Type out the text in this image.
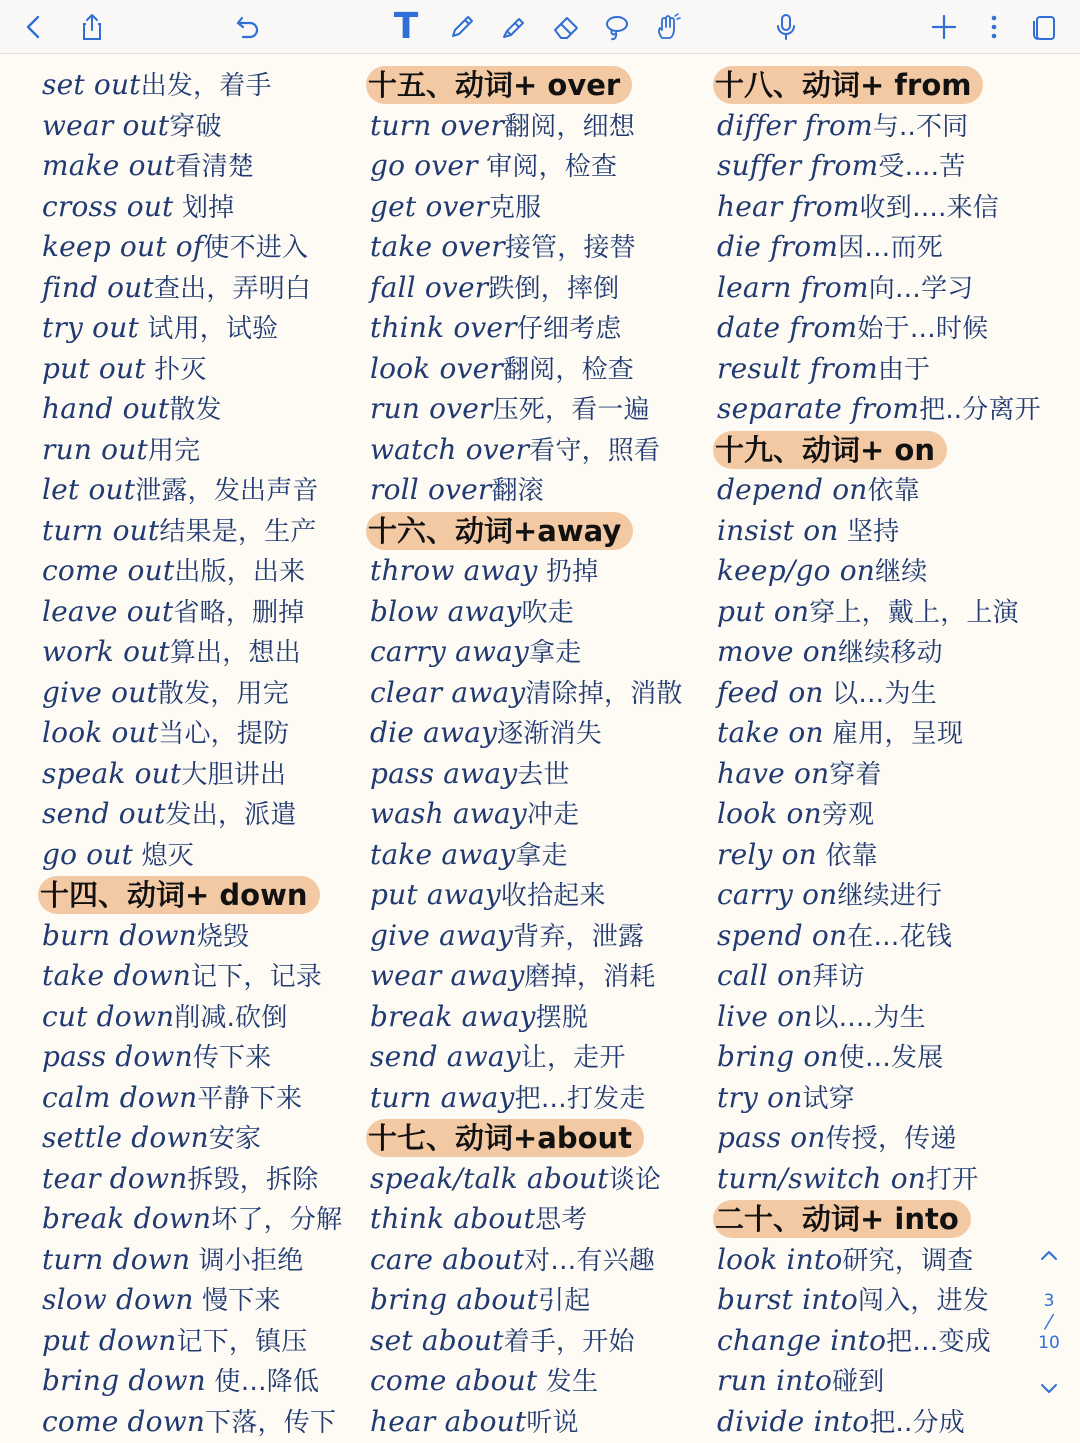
T
set out出发，着手
wear out穿破
make out看清楚
cross out 划掉
keep out of使不进入
find out查出，弄明白
try out 试用，试验
put out 扑灭
hand out散发
run out用完
let out泄露，发出声音
turn out结果是，生产
come out出版，出来
leave out省略，删掉
work out算出，想出
give out散发，用完
look out当心，提防
speak out大胆讲出
send out发出，派遣
go out 熄灭
十四、动词+ down
burn down烧毁
take down记下，记录
cut down削减.砍倒
pass down传下来
calm down平静下来
settle down安家
tear down拆毁，拆除
break down坏了，分解
turn down 调小拒绝
slow down 慢下来
put down记下，镇压
bring down 使…降低
come down下落，传下
十五、动词+ over
turn over翻阅，细想
go over 审阅，检查
get over克服
take over接管，接替
fall over跌倒，摔倒
think over仔细考虑
look over翻阅，检查
run over压死，看一遍
watch over看守，照看
roll over翻滚
十六、动词+away
throw away 扔掉
blow away吹走
carry away拿走
clear away清除掉，消散
die away逐渐消失
pass away去世
wash away冲走
take away拿走
put away收拾起来
give away背弃，泄露
wear away磨掉，消耗
break away摆脱
send away让，走开
turn away把…打发走
十七、动词+about
speak/talk about谈论
think about思考
care about对…有兴趣
bring about引起
set about着手，开始
come about 发生
hear about听说
十八、动词+ from
differ from与..不同
suffer from受….苦
hear from收到….来信
die from因…而死
learn from向…学习
date from始于…时候
result from由于
separate from把..分离开
十九、动词+ on
depend on依靠
insist on 坚持
keep/go on继续
put on穿上，戴上，上演
move on继续移动
feed on 以…为生
take on 雇用，呈现
have on穿着
look on旁观
rely on 依靠
carry on继续进行
spend on在…花钱
call on拜访
live on以.…为生
bring on使…发展
try on试穿
pass on传授，传递
turn/switch on打开
二十、动词+ into
look into研究，调查
burst into闯入，进发
change into把…变成
run into碰到
divide into把..分成
3
⁄
10
